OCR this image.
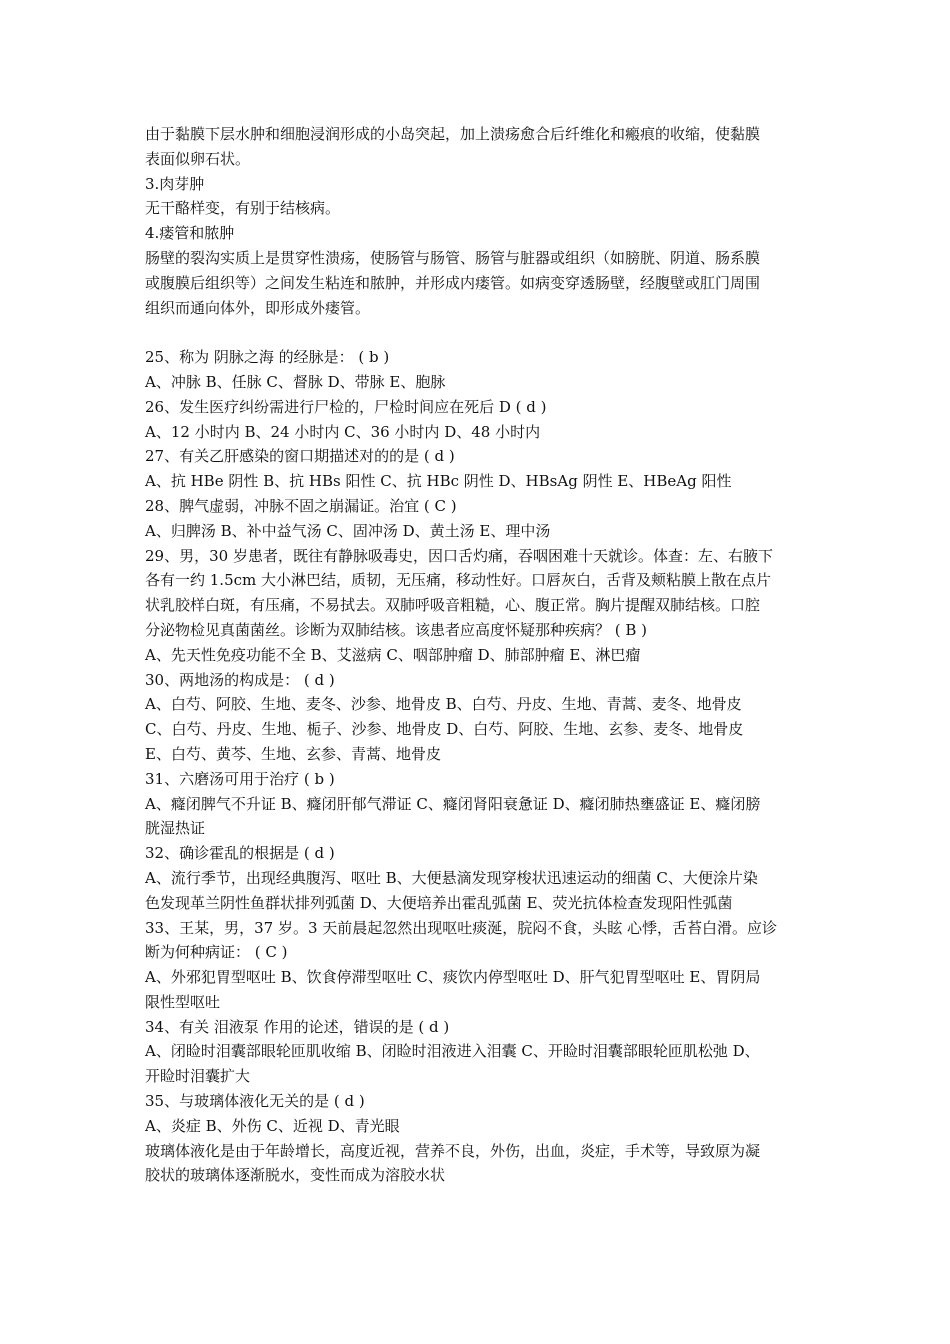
由于黏膜下层水肿和细胞浸润形成的小岛突起，加上溃疡愈合后纤维化和瘢痕的收缩，使黏膜
表面似卵石状。
3.肉芽肿
无干酪样变，有别于结核病。
4.瘘管和脓肿
肠壁的裂沟实质上是贯穿性溃疡，使肠管与肠管、肠管与脏器或组织（如膀胱、阴道、肠系膜
或腹膜后组织等）之间发生粘连和脓肿，并形成内瘘管。如病变穿透肠壁，经腹壁或肛门周围
组织而通向体外，即形成外瘘管。
25、称为 阴脉之海 的经脉是： ( b )
A、冲脉 B、任脉 C、督脉 D、带脉 E、胞脉
26、发生医疗纠纷需进行尸检的，尸检时间应在死后 D ( d )
A、12 小时内 B、24 小时内 C、36 小时内 D、48 小时内
27、有关乙肝感染的窗口期描述对的的是 ( d )
A、抗 HBe 阴性 B、抗 HBs 阳性 C、抗 HBc 阴性 D、HBsAg 阴性 E、HBeAg 阳性
28、脾气虚弱，冲脉不固之崩漏证。治宜 ( C )
A、归脾汤 B、补中益气汤 C、固冲汤 D、黄土汤 E、理中汤
29、男，30 岁患者，既往有静脉吸毒史，因口舌灼痛，吞咽困难十天就诊。体查：左、右腋下
各有一约 1.5cm 大小淋巴结，质韧，无压痛，移动性好。口唇灰白，舌背及颊粘膜上散在点片
状乳胶样白斑，有压痛，不易拭去。双肺呼吸音粗糙，心、腹正常。胸片提醒双肺结核。口腔
分泌物检见真菌菌丝。诊断为双肺结核。该患者应高度怀疑那种疾病？ ( B )
A、先天性免疫功能不全 B、艾滋病 C、咽部肿瘤 D、肺部肿瘤 E、淋巴瘤
30、两地汤的构成是： ( d )
A、白芍、阿胶、生地、麦冬、沙参、地骨皮 B、白芍、丹皮、生地、青蒿、麦冬、地骨皮
C、白芍、丹皮、生地、栀子、沙参、地骨皮 D、白芍、阿胶、生地、玄参、麦冬、地骨皮
E、白芍、黄芩、生地、玄参、青蒿、地骨皮
31、六磨汤可用于治疗 ( b )
A、癃闭脾气不升证 B、癃闭肝郁气滞证 C、癃闭肾阳衰惫证 D、癃闭肺热壅盛证 E、癃闭膀
胱湿热证
32、确诊霍乱的根据是 ( d )
A、流行季节，出现经典腹泻、呕吐 B、大便悬滴发现穿梭状迅速运动的细菌 C、大便涂片染
色发现革兰阴性鱼群状排列弧菌 D、大便培养出霍乱弧菌 E、荧光抗体检查发现阳性弧菌
33、王某，男，37 岁。3 天前晨起忽然出现呕吐痰涎，脘闷不食，头眩 心悸，舌苔白滑。应诊
断为何种病证： ( C )
A、外邪犯胃型呕吐 B、饮食停滞型呕吐 C、痰饮内停型呕吐 D、肝气犯胃型呕吐 E、胃阴局
限性型呕吐
34、有关 泪液泵 作用的论述，错误的是 ( d )
A、闭睑时泪囊部眼轮匝肌收缩 B、闭睑时泪液进入泪囊 C、开睑时泪囊部眼轮匝肌松弛 D、
开睑时泪囊扩大
35、与玻璃体液化无关的是 ( d )
A、炎症 B、外伤 C、近视 D、青光眼
玻璃体液化是由于年龄增长，高度近视，营养不良，外伤，出血，炎症，手术等，导致原为凝
胶状的玻璃体逐渐脱水，变性而成为溶胶水状
